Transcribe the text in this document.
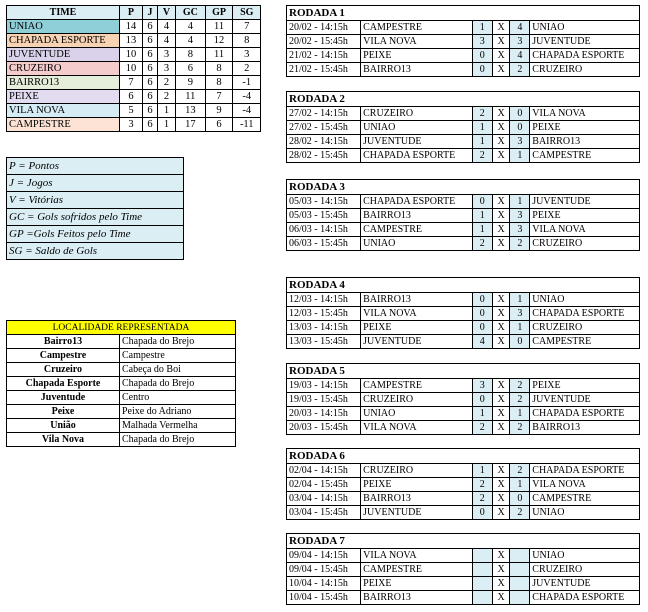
TIME	P	J	V	GC	GP	SG
UNIAO	14	6	4	4	11	7
CHAPADA ESPORTE	13	6	4	4	12	8
JUVENTUDE	10	6	3	8	11	3
CRUZEIRO	10	6	3	6	8	2
BAIRRO13	7	6	2	9	8	-1
PEIXE	6	6	2	11	7	-4
VILA NOVA	5	6	1	13	9	-4
CAMPESTRE	3	6	1	17	6	-11
P = Pontos
J = Jogos
V = Vitórias
GC = Gols sofridos pelo Time
GP =Gols Feitos pelo Time
SG = Saldo de Gols
LOCALIDADE REPRESENTADA	
Bairro13	Chapada do Brejo
Campestre	Campestre
Cruzeiro	Cabeça do Boi
Chapada Esporte	Chapada do Brejo
Juventude	Centro
Peixe	Peixe do Adriano
União	Malhada Vermelha
Vila Nova	Chapada do Brejo
RODADA 1					
20/02 - 14:15h	CAMPESTRE	1	X	4	UNIAO
20/02 - 15:45h	VILA NOVA	3	X	3	JUVENTUDE
21/02 - 14:15h	PEIXE	0	X	4	CHAPADA ESPORTE
21/02 - 15:45h	BAIRRO13	0	X	2	CRUZEIRO
RODADA 2					
27/02 - 14:15h	CRUZEIRO	2	X	0	VILA NOVA
27/02 - 15:45h	UNIAO	1	X	0	PEIXE
28/02 - 14:15h	JUVENTUDE	1	X	3	BAIRRO13
28/02 - 15:45h	CHAPADA ESPORTE	2	X	1	CAMPESTRE
RODADA 3					
05/03 - 14:15h	CHAPADA ESPORTE	0	X	1	JUVENTUDE
05/03 - 15:45h	BAIRRO13	1	X	3	PEIXE
06/03 - 14:15h	CAMPESTRE	1	X	3	VILA NOVA
06/03 - 15:45h	UNIAO	2	X	2	CRUZEIRO
RODADA 4					
12/03 - 14:15h	BAIRRO13	0	X	1	UNIAO
12/03 - 15:45h	VILA NOVA	0	X	3	CHAPADA ESPORTE
13/03 - 14:15h	PEIXE	0	X	1	CRUZEIRO
13/03 - 15:45h	JUVENTUDE	4	X	0	CAMPESTRE
RODADA 5					
19/03 - 14:15h	CAMPESTRE	3	X	2	PEIXE
19/03 - 15:45h	CRUZEIRO	0	X	2	JUVENTUDE
20/03 - 14:15h	UNIAO	1	X	1	CHAPADA ESPORTE
20/03 - 15:45h	VILA NOVA	2	X	2	BAIRRO13
RODADA 6					
02/04 - 14:15h	CRUZEIRO	1	X	2	CHAPADA ESPORTE
02/04 - 15:45h	PEIXE	2	X	1	VILA NOVA
03/04 - 14:15h	BAIRRO13	2	X	0	CAMPESTRE
03/04 - 15:45h	JUVENTUDE	0	X	2	UNIAO
RODADA 7					
09/04 - 14:15h	VILA NOVA		X		UNIAO
09/04 - 15:45h	CAMPESTRE		X		CRUZEIRO
10/04 - 14:15h	PEIXE		X		JUVENTUDE
10/04 - 15:45h	BAIRRO13		X		CHAPADA ESPORTE
